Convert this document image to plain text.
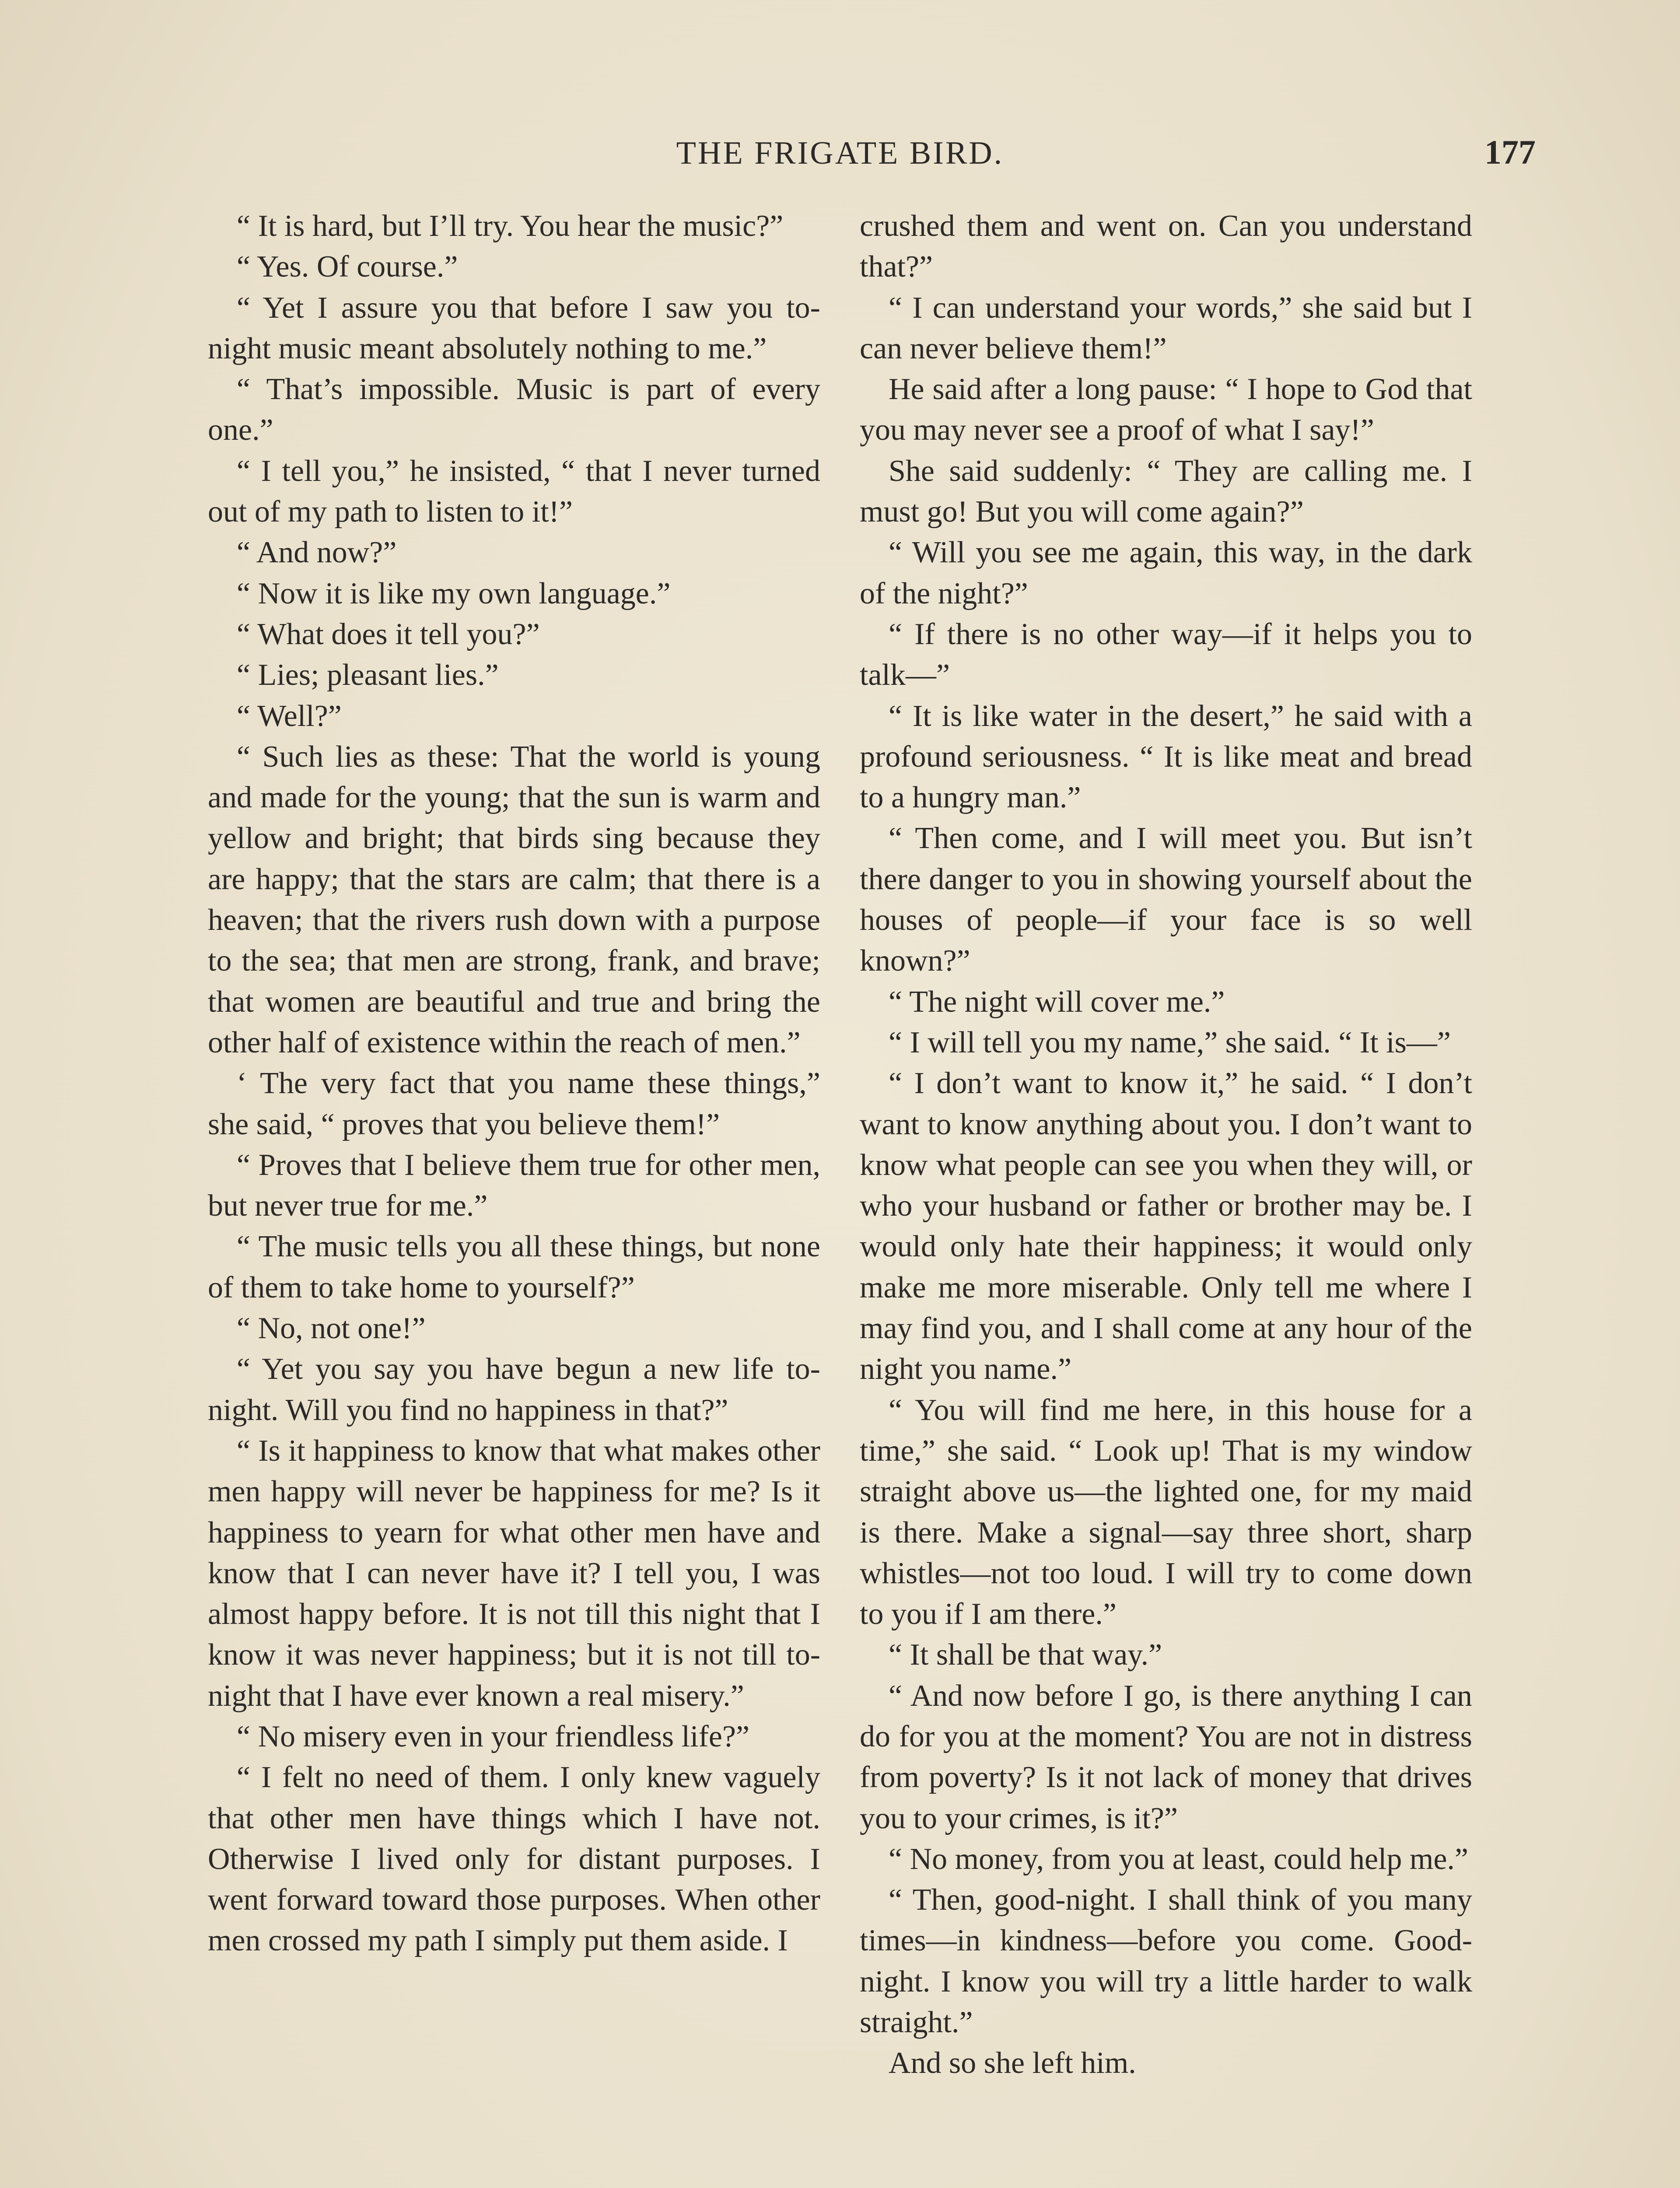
THE FRIGATE BIRD.	177

“ It is hard, but I’ll try. You hear the music?”

“ Yes. Of course.”

“ Yet I assure you that before I saw you to-night music meant absolutely nothing to me.”

“ That’s impossible. Music is part of every one.”

“ I tell you,” he insisted, “ that I never turned out of my path to listen to it!”

“ And now?”

“ Now it is like my own language.”

“ What does it tell you?”

“ Lies; pleasant lies.”

“ Well?”

“ Such lies as these: That the world is young and made for the young; that the sun is warm and yellow and bright; that birds sing because they are happy; that the stars are calm; that there is a heaven; that the rivers rush down with a purpose to the sea; that men are strong, frank, and brave; that women are beautiful and true and bring the other half of existence within the reach of men.”

‘ The very fact that you name these things,” she said, “ proves that you believe them!”

“ Proves that I believe them true for other men, but never true for me.”

“ The music tells you all these things, but none of them to take home to yourself?”

“ No, not one!”

“ Yet you say you have begun a new life to-night. Will you find no happiness in that?”

“ Is it happiness to know that what makes other men happy will never be happiness for me? Is it happiness to yearn for what other men have and know that I can never have it? I tell you, I was almost happy before. It is not till this night that I know it was never happiness; but it is not till to-night that I have ever known a real misery.”

“ No misery even in your friendless life?”

“ I felt no need of them. I only knew vaguely that other men have things which I have not. Otherwise I lived only for distant purposes. I went forward toward those purposes. When other men crossed my path I simply put them aside. I

crushed them and went on. Can you understand that?”

“ I can understand your words,” she said but I can never believe them!”

He said after a long pause: “ I hope to God that you may never see a proof of what I say!”

She said suddenly: “ They are calling me. I must go! But you will come again?”

“ Will you see me again, this way, in the dark of the night?”

“ If there is no other way—if it helps you to talk—”

“ It is like water in the desert,” he said with a profound seriousness. “ It is like meat and bread to a hungry man.”

“ Then come, and I will meet you. But isn’t there danger to you in showing yourself about the houses of people—if your face is so well known?”

“ The night will cover me.”

“ I will tell you my name,” she said. “ It is—”

“ I don’t want to know it,” he said. “ I don’t want to know anything about you. I don’t want to know what people can see you when they will, or who your husband or father or brother may be. I would only hate their happiness; it would only make me more miserable. Only tell me where I may find you, and I shall come at any hour of the night you name.”

“ You will find me here, in this house for a time,” she said. “ Look up! That is my window straight above us—the lighted one, for my maid is there. Make a signal—say three short, sharp whistles—not too loud. I will try to come down to you if I am there.”

“ It shall be that way.”

“ And now before I go, is there anything I can do for you at the moment? You are not in distress from poverty? Is it not lack of money that drives you to your crimes, is it?”

“ No money, from you at least, could help me.”

“ Then, good-night. I shall think of you many times—in kindness—before you come. Good-night. I know you will try a little harder to walk straight.”

And so she left him.
